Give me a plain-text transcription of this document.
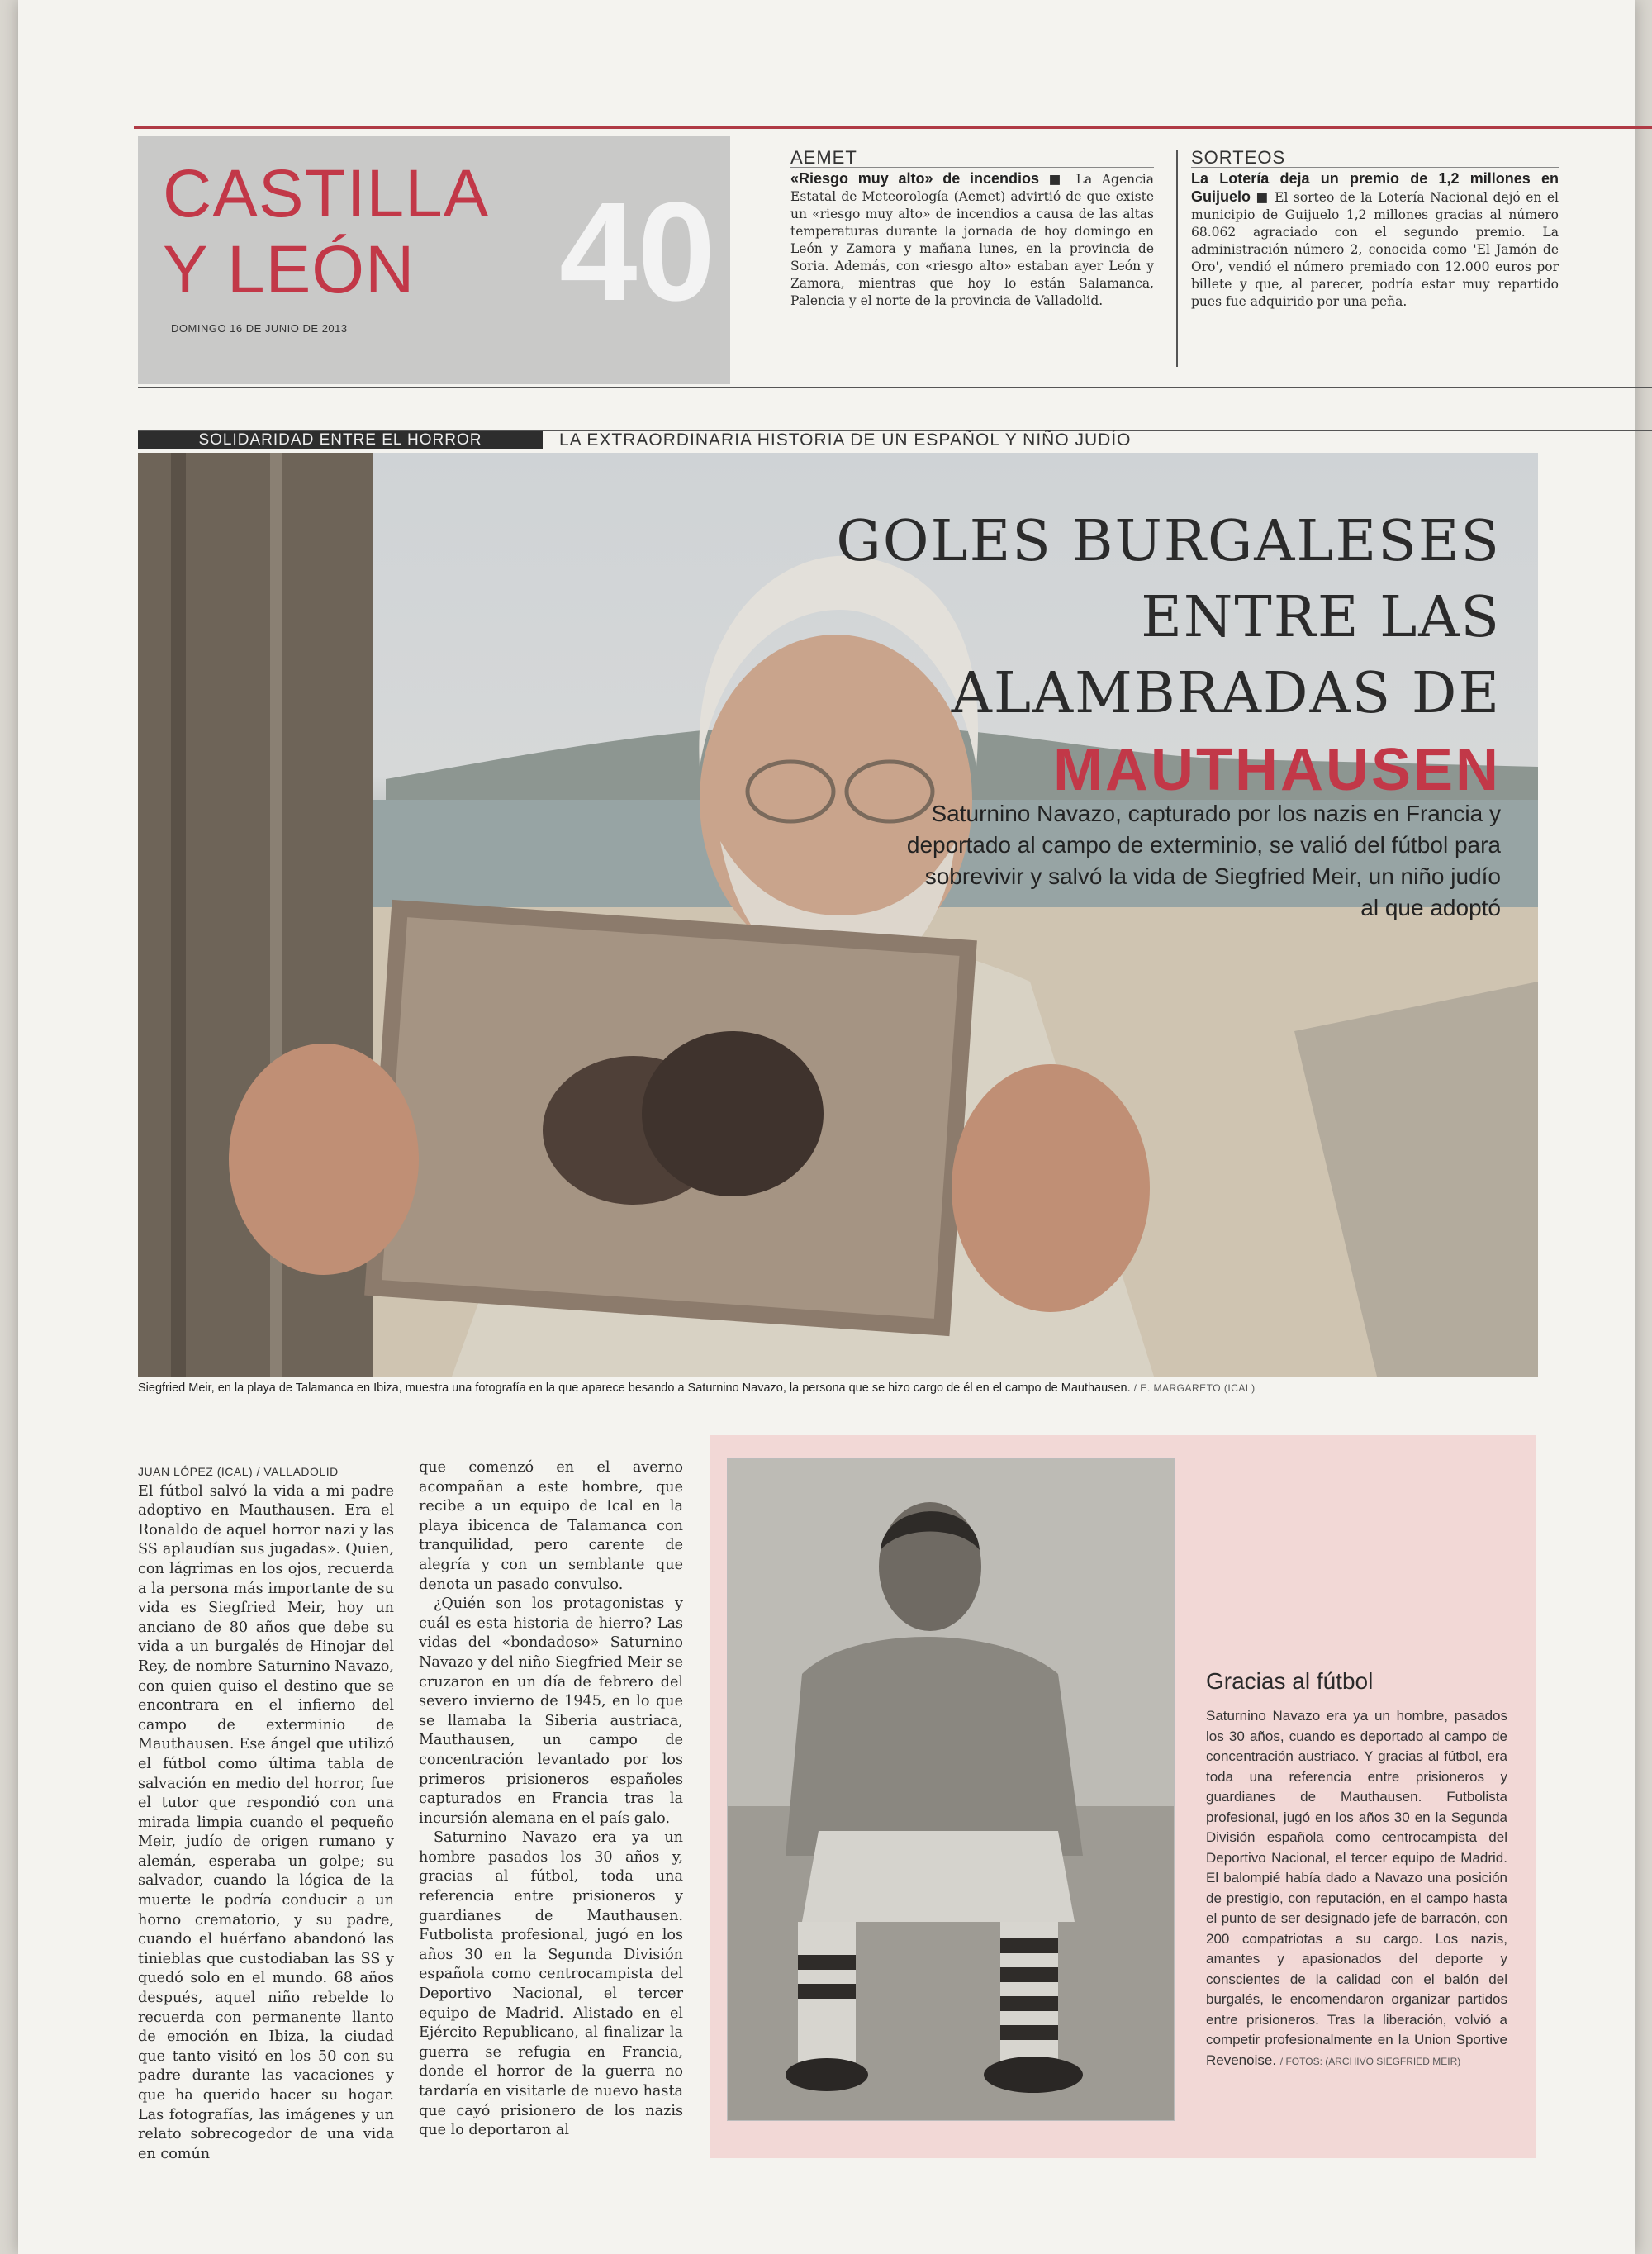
CASTILLA
Y LEÓN	40
DOMINGO 16 DE JUNIO DE 2013
AEMET
«Riesgo muy alto» de incendios ■ La Agencia Estatal de Meteorología (Aemet) advirtió de que existe un «riesgo muy alto» de incendios a causa de las altas temperaturas durante la jornada de hoy domingo en León y Zamora y mañana lunes, en la provincia de Soria. Además, con «riesgo alto» estaban ayer León y Zamora, mientras que hoy lo están Salamanca, Palencia y el norte de la provincia de Valladolid.
SORTEOS
La Lotería deja un premio de 1,2 millones en Guijuelo ■ El sorteo de la Lotería Nacional dejó en el municipio de Guijuelo 1,2 millones gracias al número 68.062 agraciado con el segundo premio. La administración número 2, conocida como 'El Jamón de Oro', vendió el número premiado con 12.000 euros por billete y que, al parecer, podría estar muy repartido pues fue adquirido por una peña.
SOLIDARIDAD ENTRE EL HORROR	LA EXTRAORDINARIA HISTORIA DE UN ESPAÑOL Y NIÑO JUDÍO
GOLES BURGALESES
ENTRE LAS
ALAMBRADAS DE
MAUTHAUSEN
Saturnino Navazo, capturado por los nazis en Francia y deportado al campo de exterminio, se valió del fútbol para sobrevivir y salvó la vida de Siegfried Meir, un niño judío al que adoptó
Siegfried Meir, en la playa de Talamanca en Ibiza, muestra una fotografía en la que aparece besando a Saturnino Navazo, la persona que se hizo cargo de él en el campo de Mauthausen. / E. MARGARETO (ICAL)
JUAN LÓPEZ (ICAL) / VALLADOLID

El fútbol salvó la vida a mi padre adoptivo en Mauthausen. Era el Ronaldo de aquel horror nazi y las SS aplaudían sus jugadas». Quien, con lágrimas en los ojos, recuerda a la persona más importante de su vida es Siegfried Meir, hoy un anciano de 80 años que debe su vida a un burgalés de Hinojar del Rey, de nombre Saturnino Navazo, con quien quiso el destino que se encontrara en el infierno del campo de exterminio de Mauthausen. Ese ángel que utilizó el fútbol como última tabla de salvación en medio del horror, fue el tutor que respondió con una mirada limpia cuando el pequeño Meir, judío de origen rumano y alemán, esperaba un golpe; su salvador, cuando la lógica de la muerte le podría conducir a un horno crematorio, y su padre, cuando el huérfano abandonó las tinieblas que custodiaban las SS y quedó solo en el mundo. 68 años después, aquel niño rebelde lo recuerda con permanente llanto de emoción en Ibiza, la ciudad que tanto visitó en los 50 con su padre durante las vacaciones y que ha querido hacer su hogar. Las fotografías, las imágenes y un relato sobrecogedor de una vida en común

que comenzó en el averno acompañan a este hombre, que recibe a un equipo de Ical en la playa ibicenca de Talamanca con tranquilidad, pero carente de alegría y con un semblante que denota un pasado convulso.

¿Quién son los protagonistas y cuál es esta historia de hierro? Las vidas del «bondadoso» Saturnino Navazo y del niño Siegfried Meir se cruzaron en un día de febrero del severo invierno de 1945, en lo que se llamaba la Siberia austriaca, Mauthausen, un campo de concentración levantado por los primeros prisioneros españoles capturados en Francia tras la incursión alemana en el país galo.

Saturnino Navazo era ya un hombre pasados los 30 años y, gracias al fútbol, toda una referencia entre prisioneros y guardianes de Mauthausen. Futbolista profesional, jugó en los años 30 en la Segunda División española como centrocampista del Deportivo Nacional, el tercer equipo de Madrid. Alistado en el Ejército Republicano, al finalizar la guerra se refugia en Francia, donde el horror de la guerra no tardaría en visitarle de nuevo hasta que cayó prisionero de los nazis que lo deportaron al

Gracias al fútbol
Saturnino Navazo era ya un hombre, pasados los 30 años, cuando es deportado al campo de concentración austriaco. Y gracias al fútbol, era toda una referencia entre prisioneros y guardianes de Mauthausen. Futbolista profesional, jugó en los años 30 en la Segunda División española como centrocampista del Deportivo Nacional, el tercer equipo de Madrid. El balompié había dado a Navazo una posición de prestigio, con reputación, en el campo hasta el punto de ser designado jefe de barracón, con 200 compatriotas a su cargo. Los nazis, amantes y apasionados del deporte y conscientes de la calidad con el balón del burgalés, le encomendaron organizar partidos entre prisioneros. Tras la liberación, volvió a competir profesionalmente en la Union Sportive Revenoise. / FOTOS: (ARCHIVO SIEGFRIED MEIR)
